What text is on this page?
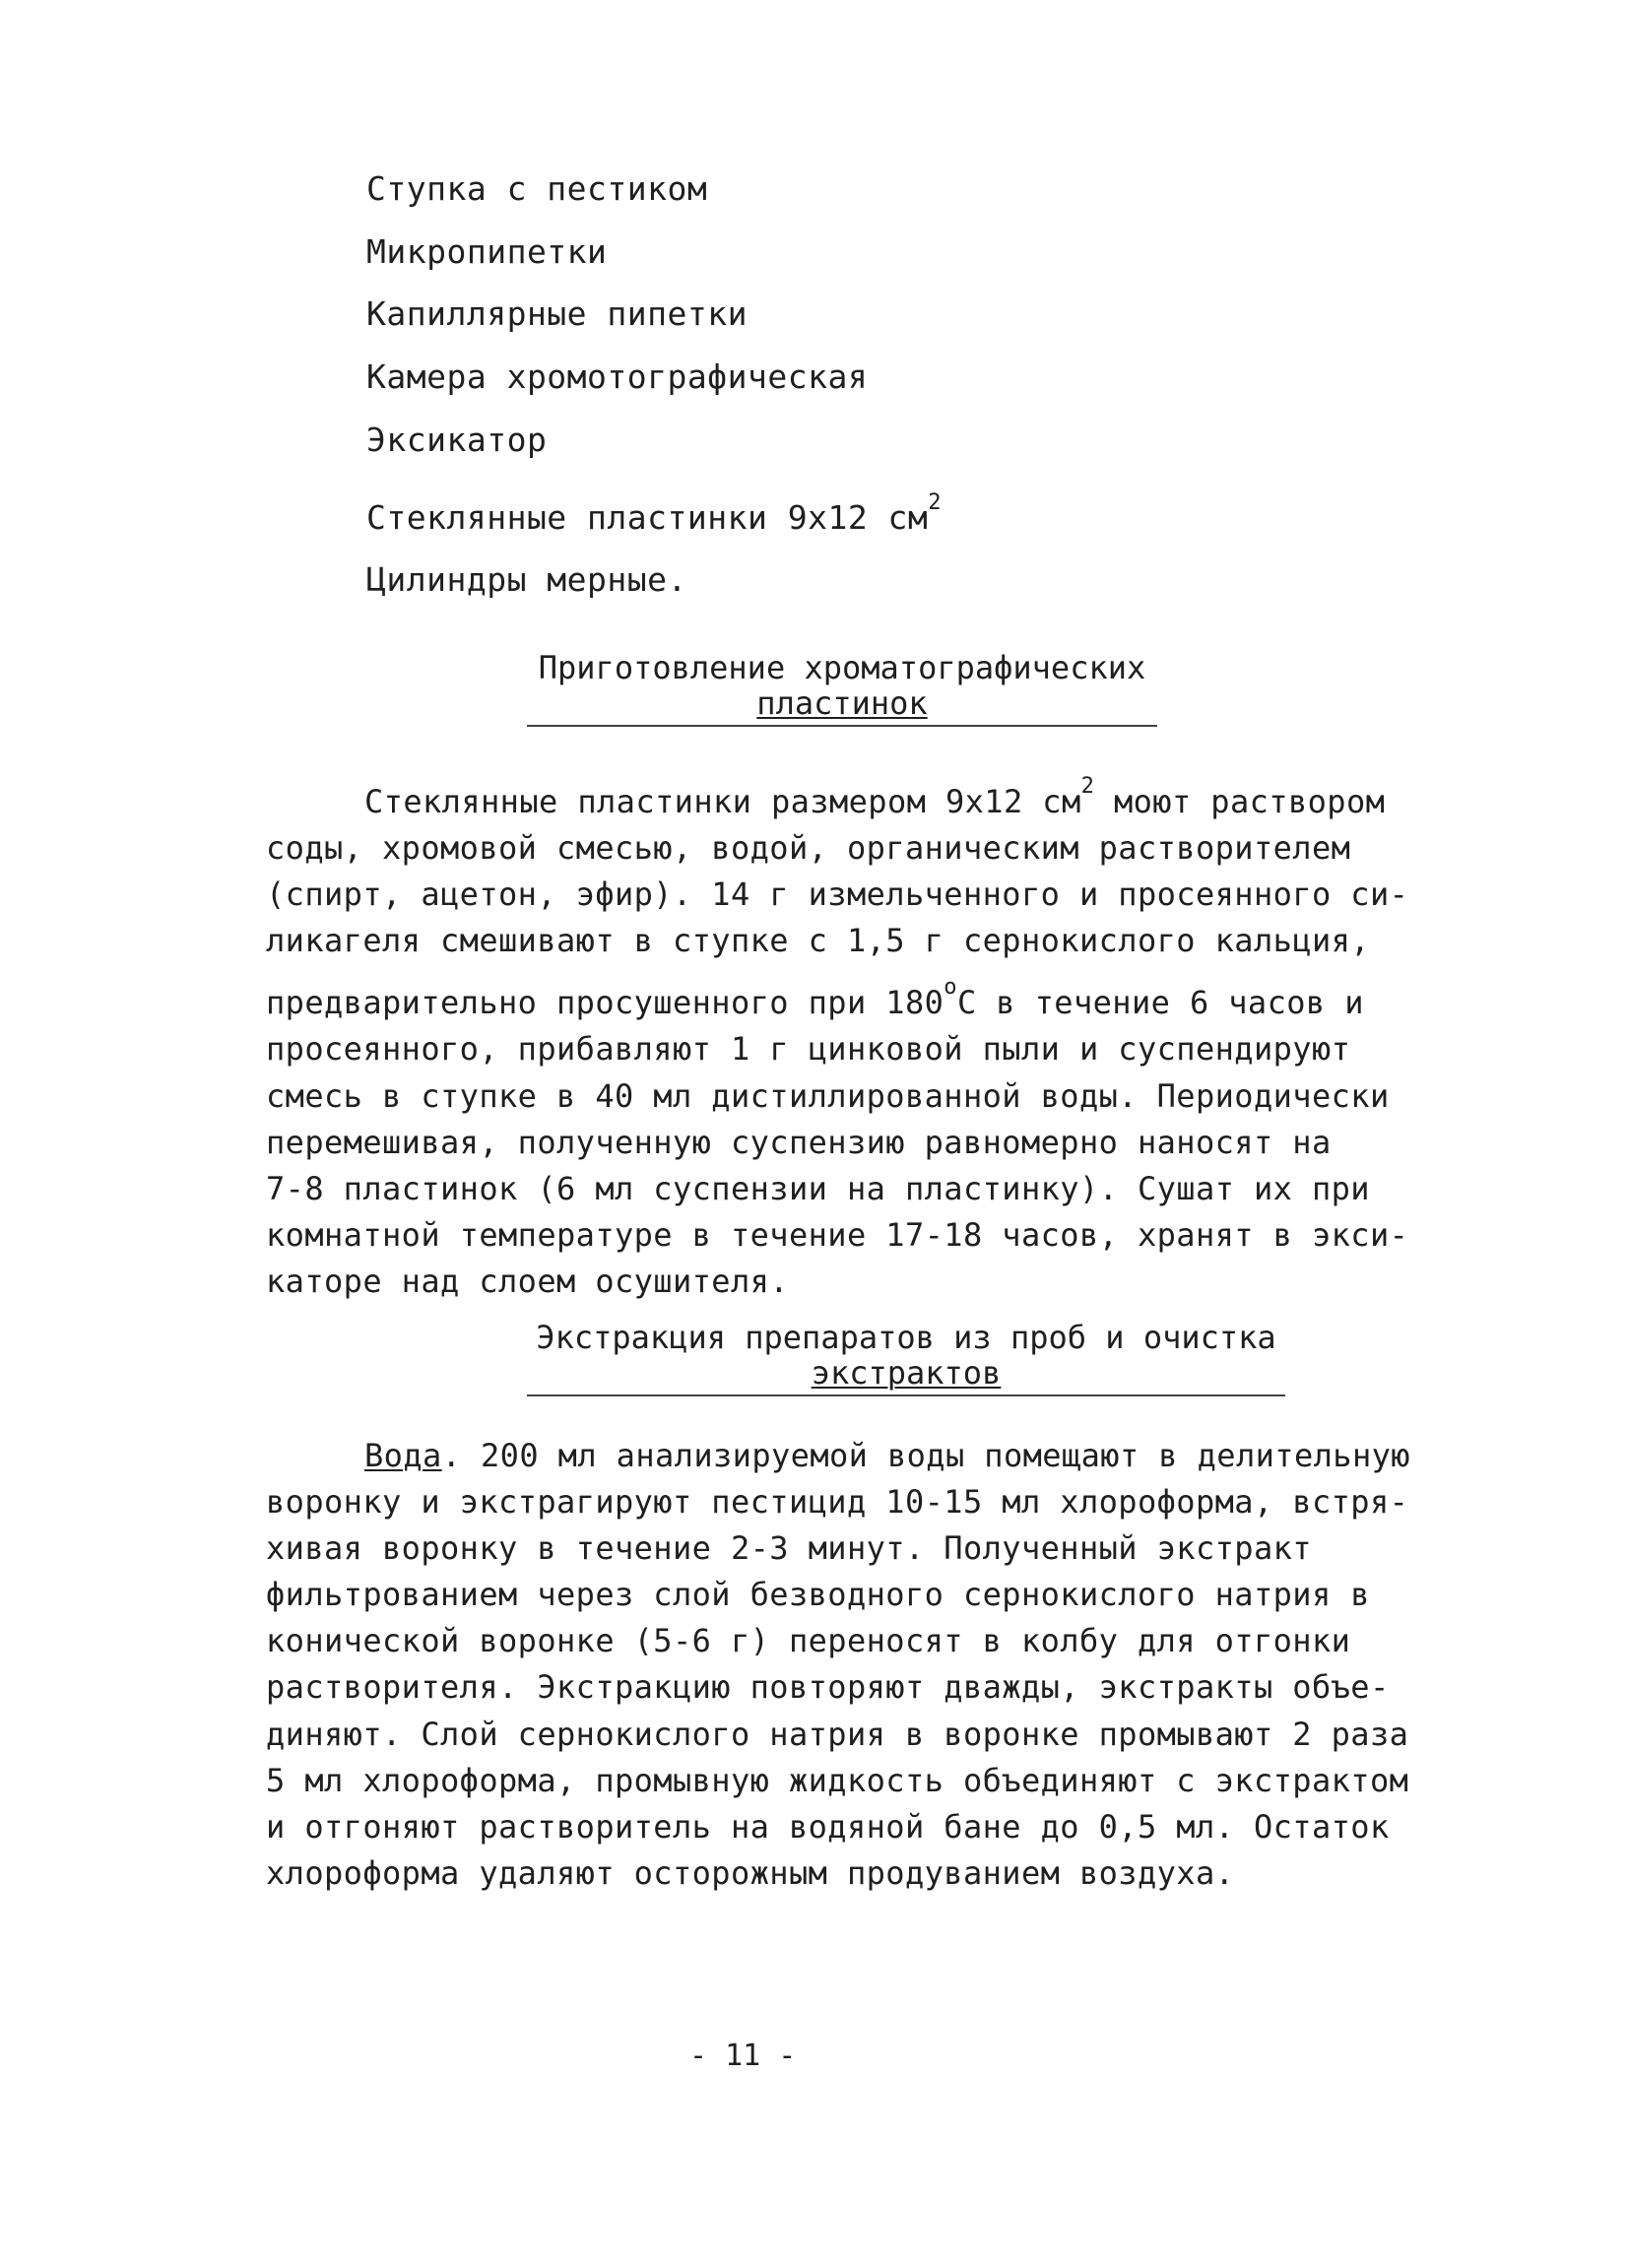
Ступка с пестиком
Микропипетки
Капиллярные пипетки
Камера хромотографическая
Эксикатор
Стеклянные пластинки 9х12 $см^2$
Цилиндры мерные.
Приготовление хроматографических
пластинок

Стеклянные пластинки размером 9х12 $см^2$ моют раствором
соды, хромовой смесью, водой, органическим растворителем
(спирт, ацетон, эфир). 14 г измельченного и просеянного си-
ликагеля смешивают в ступке с 1,5 г сернокислого кальция,
предварительно просушенного при $180^оС$ в течение 6 часов и
просеянного, прибавляют 1 г цинковой пыли и суспендируют
смесь в ступке в 40 мл дистиллированной воды. Периодически
перемешивая, полученную суспензию равномерно наносят на
7-8 пластинок (6 мл суспензии на пластинку). Сушат их при
комнатной температуре в течение 17-18 часов, хранят в экси-
каторе над слоем осушителя.

Экстракция препаратов из проб и очистка
экстрактов

Вода. 200 мл анализируемой воды помещают в делительную
воронку и экстрагируют пестицид 10-15 мл хлороформа, встря-
хивая воронку в течение 2-3 минут. Полученный экстракт
фильтрованием через слой безводного сернокислого натрия в
конической воронке (5-6 г) переносят в колбу для отгонки
растворителя. Экстракцию повторяют дважды, экстракты объе-
диняют. Слой сернокислого натрия в воронке промывают 2 раза
5 мл хлороформа, промывную жидкость объединяют с экстрактом
и отгоняют растворитель на водяной бане до 0,5 мл. Остаток
хлороформа удаляют осторожным продуванием воздуха.

- 11 -
